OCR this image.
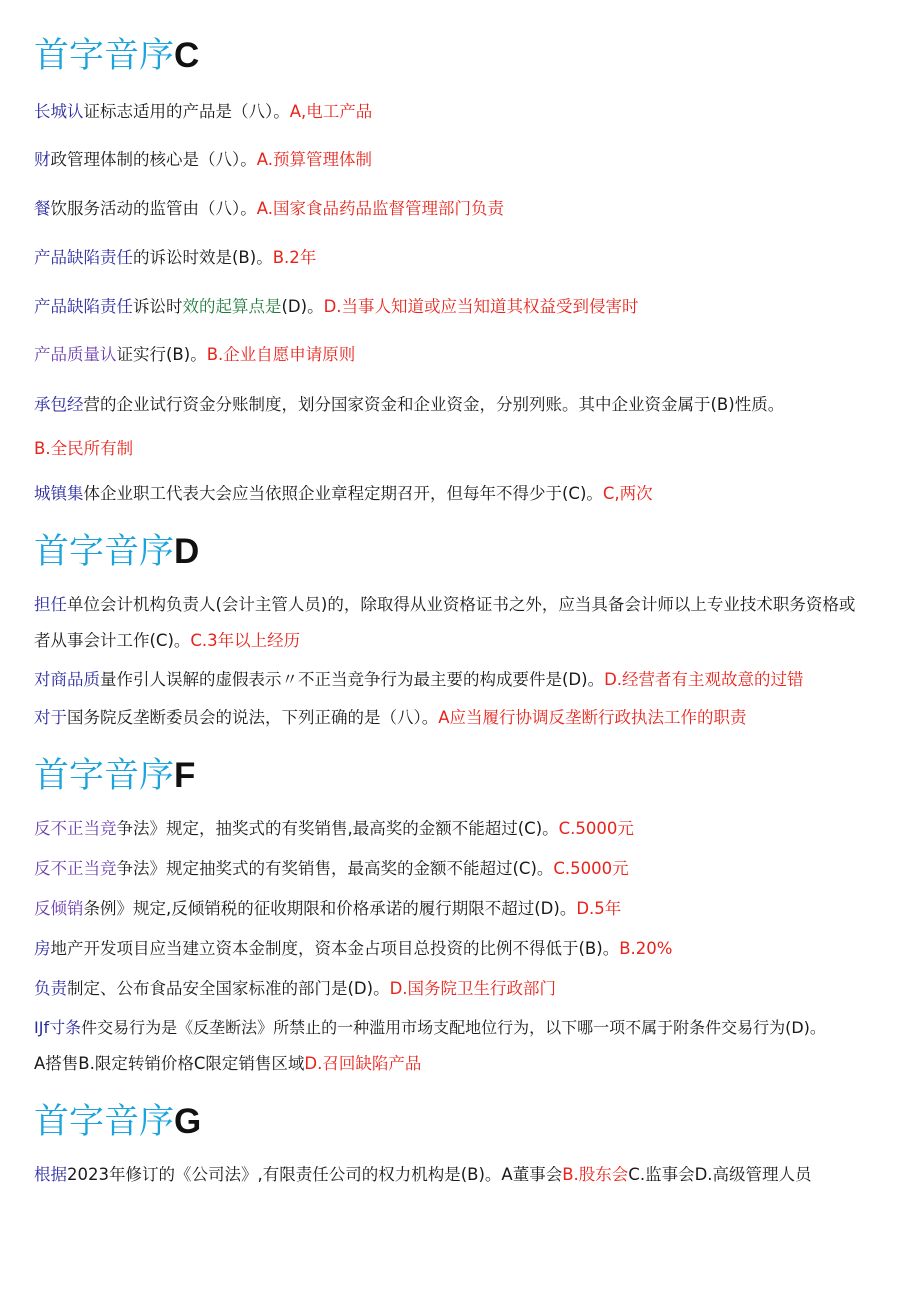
首字音序C

长城认证标志适用的产品是（八）。A,电工产品

财政管理体制的核心是（八）。A.预算管理体制

餐饮服务活动的监管由（八）。A.国家食品药品监督管理部门负责

产品缺陷责任的诉讼时效是(B)。B.2年

产品缺陷责任诉讼时效的起算点是(D)。D.当事人知道或应当知道其权益受到侵害时

产品质量认证实行(B)。B.企业自愿申请原则

承包经营的企业试行资金分账制度，划分国家资金和企业资金，分别列账。其中企业资金属于(B)性质。

B.全民所有制

城镇集体企业职工代表大会应当依照企业章程定期召开，但每年不得少于(C)。C,两次

首字音序D

担任单位会计机构负责人(会计主管人员)的，除取得从业资格证书之外，应当具备会计师以上专业技术职务资格或

者从事会计工作(C)。C.3年以上经历

对商品质量作引人误解的虚假表示〃不正当竞争行为最主要的构成要件是(D)。D.经营者有主观故意的过错

对于国务院反垄断委员会的说法，下列正确的是（八）。A应当履行协调反垄断行政执法工作的职责

首字音序F

反不正当竞争法》规定，抽奖式的有奖销售,最高奖的金额不能超过(C)。C.5000元

反不正当竞争法》规定抽奖式的有奖销售，最高奖的金额不能超过(C)。C.5000元

反倾销条例》规定,反倾销税的征收期限和价格承诺的履行期限不超过(D)。D.5年

房地产开发项目应当建立资本金制度，资本金占项目总投资的比例不得低于(B)。B.20%

负责制定、公布食品安全国家标准的部门是(D)。D.国务院卫生行政部门

IJf寸条件交易行为是《反垄断法》所禁止的一种滥用市场支配地位行为，以下哪一项不属于附条件交易行为(D)。

A搭售B.限定转销价格C限定销售区域D.召回缺陷产品

首字音序G

根据2023年修订的《公司法》,有限责任公司的权力机构是(B)。A董事会B.股东会C.监事会D.高级管理人员
